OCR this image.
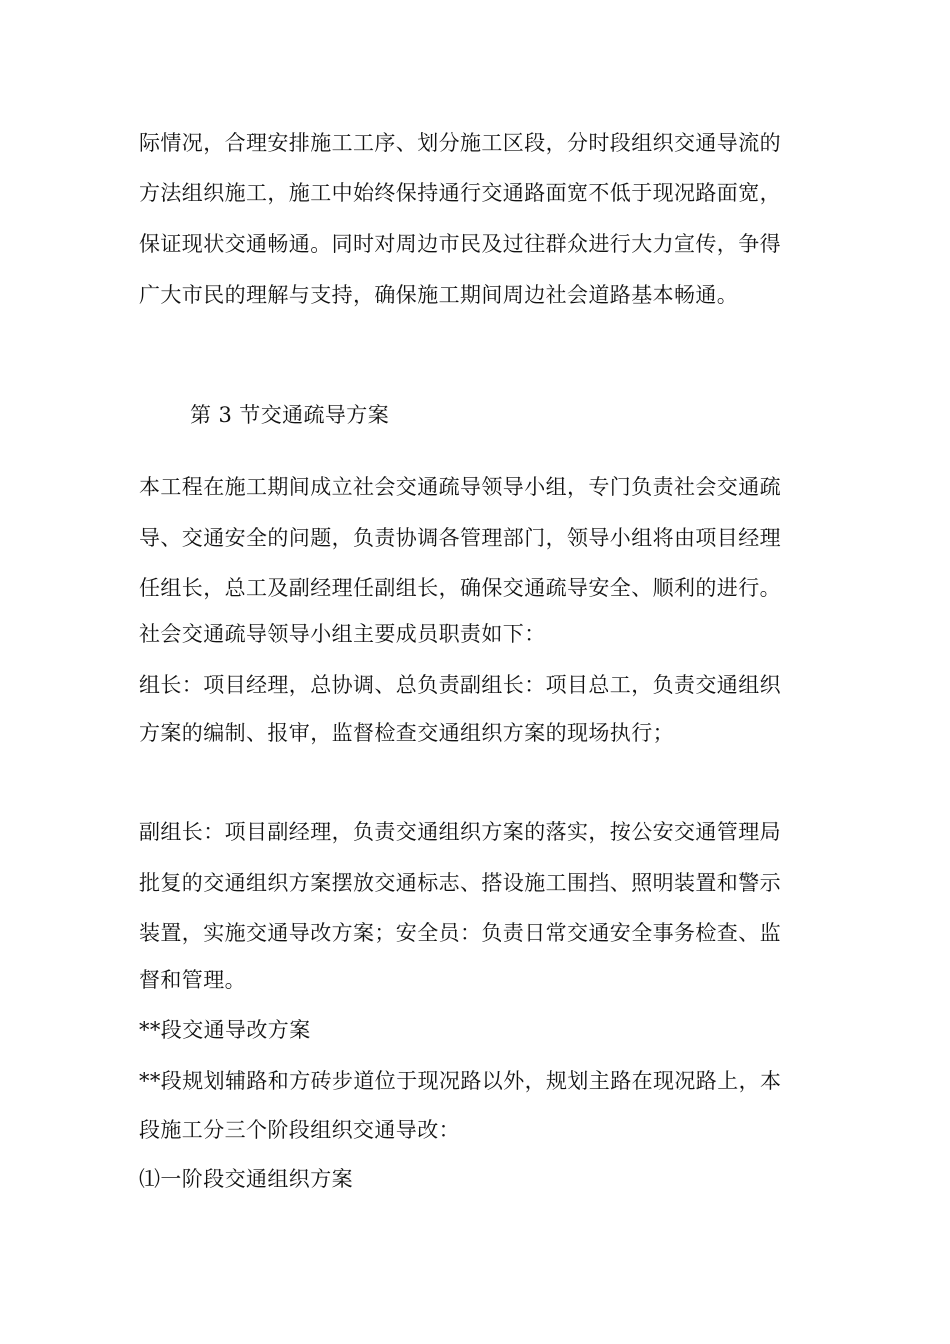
际情况，合理安排施工工序、划分施工区段，分时段组织交通导流的
方法组织施工，施工中始终保持通行交通路面宽不低于现况路面宽，
保证现状交通畅通。同时对周边市民及过往群众进行大力宣传，争得
广大市民的理解与支持，确保施工期间周边社会道路基本畅通。
第 3 节交通疏导方案
本工程在施工期间成立社会交通疏导领导小组，专门负责社会交通疏
导、交通安全的问题，负责协调各管理部门，领导小组将由项目经理
任组长，总工及副经理任副组长，确保交通疏导安全、顺利的进行。
社会交通疏导领导小组主要成员职责如下：
组长：项目经理，总协调、总负责副组长：项目总工，负责交通组织
方案的编制、报审，监督检查交通组织方案的现场执行；
副组长：项目副经理，负责交通组织方案的落实，按公安交通管理局
批复的交通组织方案摆放交通标志、搭设施工围挡、照明装置和警示
装置，实施交通导改方案；安全员：负责日常交通安全事务检查、监
督和管理。
**段交通导改方案
**段规划辅路和方砖步道位于现况路以外，规划主路在现况路上，本
段施工分三个阶段组织交通导改：
⑴一阶段交通组织方案
